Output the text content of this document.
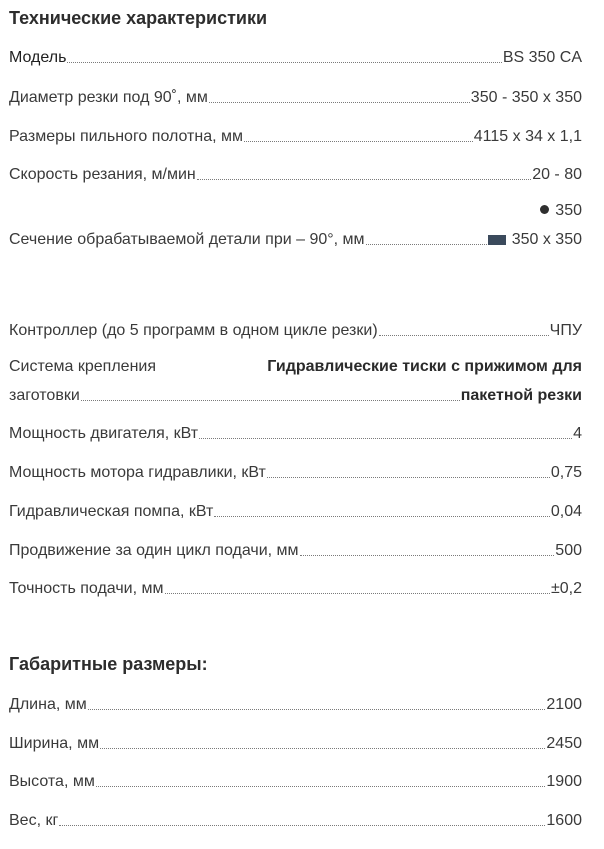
Технические характеристики
Модель	BS 350 CA
Диаметр резки под 90˚, мм	350 - 350 x 350
Размеры пильного полотна, мм	4115 x 34 x 1,1
Скорость резания, м/мин	20 - 80
350
Сечение обрабатываемой детали при – 90°, мм	350 x 350
Контроллер (до 5 программ в одном цикле резки)	ЧПУ
Система крепления	Гидравлические тиски с прижимом для
заготовки	пакетной резки
Мощность двигателя, кВт	4
Мощность мотора гидравлики, кВт	0,75
Гидравлическая помпа, кВт	0,04
Продвижение за один цикл подачи, мм	500
Точность подачи, мм	±0,2
Габаритные размеры:
Длина, мм	2100
Ширина, мм	2450
Высота, мм	1900
Вес, кг	1600
